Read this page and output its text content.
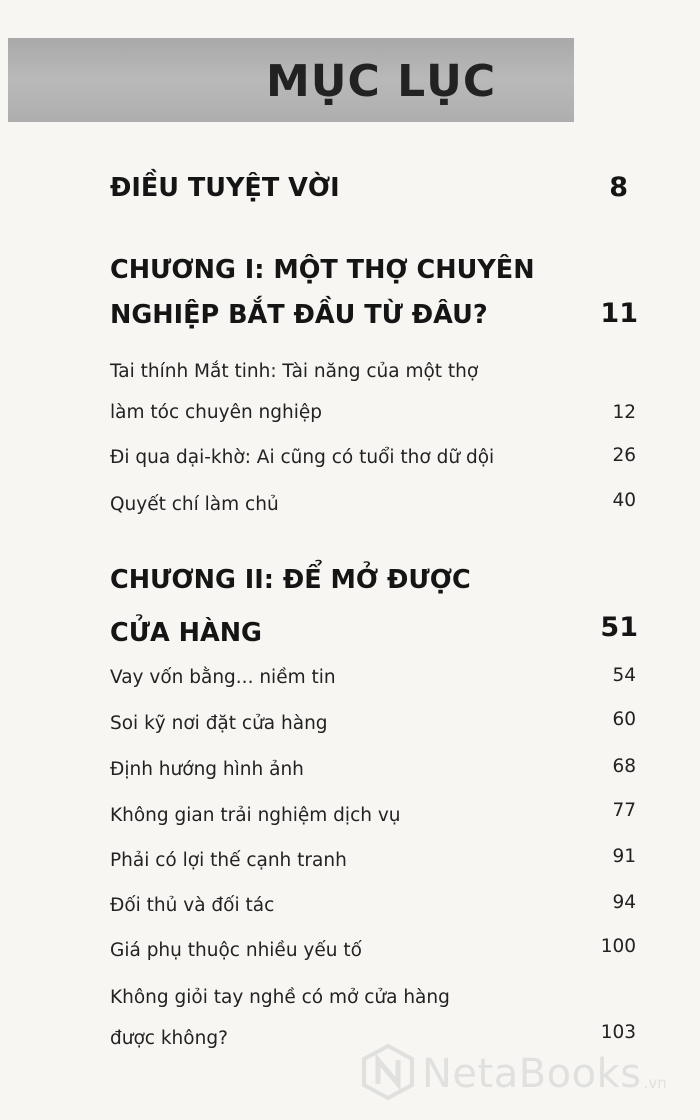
MỤC LỤC
ĐIỀU TUYỆT VỜI	8
CHƯƠNG I: MỘT THỢ CHUYÊN
NGHIỆP BẮT ĐẦU TỪ ĐÂU?	11
Tai thính Mắt tinh: Tài năng của một thợ
làm tóc chuyên nghiệp	12
Đi qua dại-khờ: Ai cũng có tuổi thơ dữ dội	26
Quyết chí làm chủ	40
CHƯƠNG II: ĐỂ MỞ ĐƯỢC
CỬA HÀNG	51
Vay vốn bằng... niềm tin	54
Soi kỹ nơi đặt cửa hàng	60
Định hướng hình ảnh	68
Không gian trải nghiệm dịch vụ	77
Phải có lợi thế cạnh tranh	91
Đối thủ và đối tác	94
Giá phụ thuộc nhiều yếu tố	100
Không giỏi tay nghề có mở cửa hàng
được không?	103
NetaBooks .vn
